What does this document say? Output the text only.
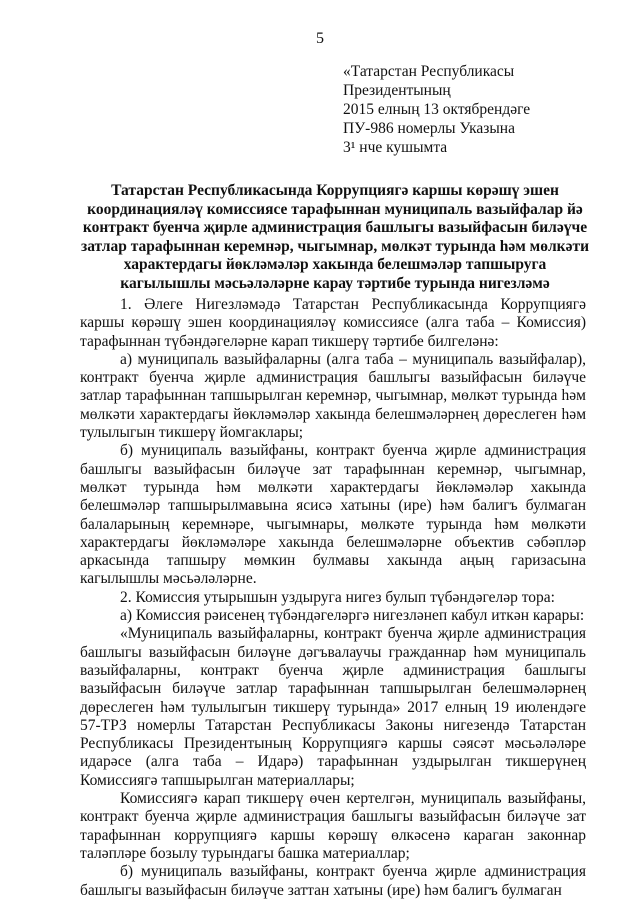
5
«Татарстан Республикасы
Президентының
2015 елның 13 октябрендәге
ПУ-986 номерлы Указына
3¹ нче кушымта
Татарстан Республикасында Коррупциягә каршы көрәшү эшен
координацияләү комиссиясе тарафыннан муниципаль вазыйфалар йә
контракт буенча җирле администрация башлыгы вазыйфасын биләүче
затлар тарафыннан керемнәр, чыгымнар, мөлкәт турында һәм мөлкәти
характердагы йөкләмәләр хакында белешмәләр тапшыруга
кагылышлы мәсьәләләрне карау тәртибе турында нигезләмә

1. Әлеге Нигезләмәдә Татарстан Республикасында Коррупциягә каршы көрәшү эшен координацияләү комиссиясе (алга таба – Комиссия) тарафыннан түбәндәгеләрне карап тикшерү тәртибе билгеләнә:

а) муниципаль вазыйфаларны (алга таба – муниципаль вазыйфалар), контракт буенча җирле администрация башлыгы вазыйфасын биләүче затлар тарафыннан тапшырылган керемнәр, чыгымнар, мөлкәт турында һәм мөлкәти характердагы йөкләмәләр хакында белешмәләрнең дөреслеген һәм тулылыгын тикшерү йомгаклары;

б) муниципаль вазыйфаны, контракт буенча җирле администрация башлыгы вазыйфасын биләүче зат тарафыннан керемнәр, чыгымнар, мөлкәт турында һәм мөлкәти характердагы йөкләмәләр хакында белешмәләр тапшырылмавына ясисә хатыны (ире) һәм балигъ булмаган балаларының керемнәре, чыгымнары, мөлкәте турында һәм мөлкәти характердагы йөкләмәләре хакында белешмәләрне объектив сәбәпләр аркасында тапшыру мөмкин булмавы хакында аңың гаризасына кагылышлы мәсьәләләрне.

2. Комиссия утырышын уздыруга нигез булып түбәндәгеләр тора:

а) Комиссия рәисенең түбәндәгеләргә нигезләнеп кабул иткән карары:

«Муниципаль вазыйфаларны, контракт буенча җирле администрация башлыгы вазыйфасын биләүне дәгъвалаучы гражданнар һәм муниципаль вазыйфаларны, контракт буенча җирле администрация башлыгы вазыйфасын биләүче затлар тарафыннан тапшырылган белешмәләрнең дөреслеген һәм тулылыгын тикшерү турында» 2017 елның 19 июлендәге 57-ТРЗ номерлы Татарстан Республикасы Законы нигезендә Татарстан Республикасы Президентының Коррупциягә каршы сәясәт мәсьәләләре идарәсе (алга таба – Идарә) тарафыннан уздырылган тикшерүнең Комиссиягә тапшырылган материаллары;

Комиссиягә карап тикшерү өчен кертелгән, муниципаль вазыйфаны, контракт буенча җирле администрация башлыгы вазыйфасын биләүче зат тарафыннан коррупциягә каршы көрәшү өлкәсенә караган законнар таләпләре бозылу турындагы башка материаллар;

б) муниципаль вазыйфаны, контракт буенча җирле администрация башлыгы вазыйфасын биләүче заттан хатыны (ире) һәм балигъ булмаган
